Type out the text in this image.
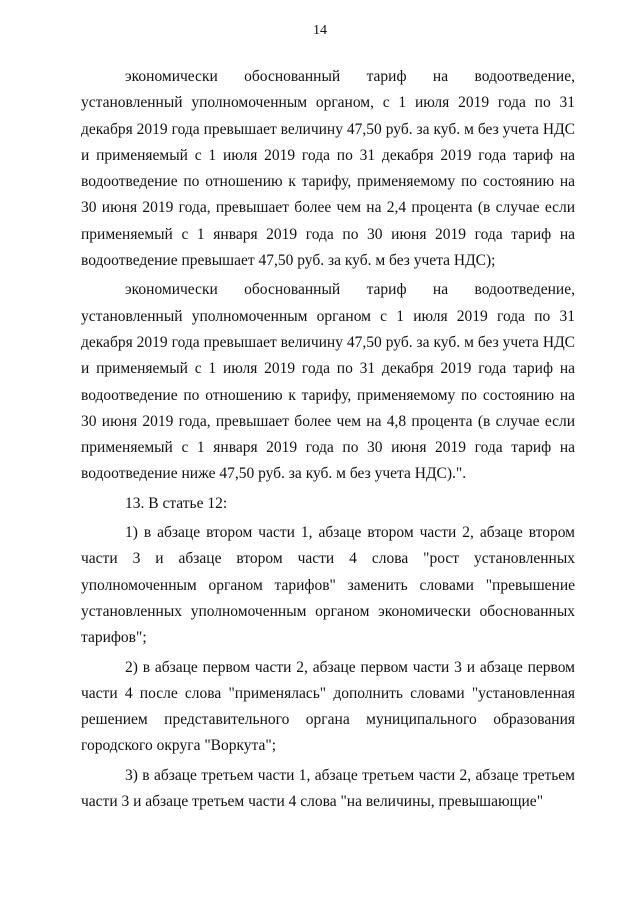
14

экономически обоснованный тариф на водоотведение, установленный уполномоченным органом, с 1 июля 2019 года по 31 декабря 2019 года превышает величину 47,50 руб. за куб. м без учета НДС и применяемый с 1 июля 2019 года по 31 декабря 2019 года тариф на водоотведение по отношению к тарифу, применяемому по состоянию на 30 июня 2019 года, превышает более чем на 2,4 процента (в случае если применяемый с 1 января 2019 года по 30 июня 2019 года тариф на водоотведение превышает 47,50 руб. за куб. м без учета НДС);

экономически обоснованный тариф на водоотведение, установленный уполномоченным органом с 1 июля 2019 года по 31 декабря 2019 года превышает величину 47,50 руб. за куб. м без учета НДС и применяемый с 1 июля 2019 года по 31 декабря 2019 года тариф на водоотведение по отношению к тарифу, применяемому по состоянию на 30 июня 2019 года, превышает более чем на 4,8 процента (в случае если применяемый с 1 января 2019 года по 30 июня 2019 года тариф на водоотведение ниже 47,50 руб. за куб. м без учета НДС).".

13. В статье 12:

1) в абзаце втором части 1, абзаце втором части 2, абзаце втором части 3 и абзаце втором части 4 слова "рост установленных уполномоченным органом тарифов" заменить словами "превышение установленных уполномоченным органом экономически обоснованных тарифов";

2) в абзаце первом части 2, абзаце первом части 3 и абзаце первом части 4 после слова "применялась" дополнить словами "установленная решением представительного органа муниципального образования городского округа "Воркута";

3) в абзаце третьем части 1, абзаце третьем части 2, абзаце третьем части 3 и абзаце третьем части 4 слова "на величины, превышающие"
